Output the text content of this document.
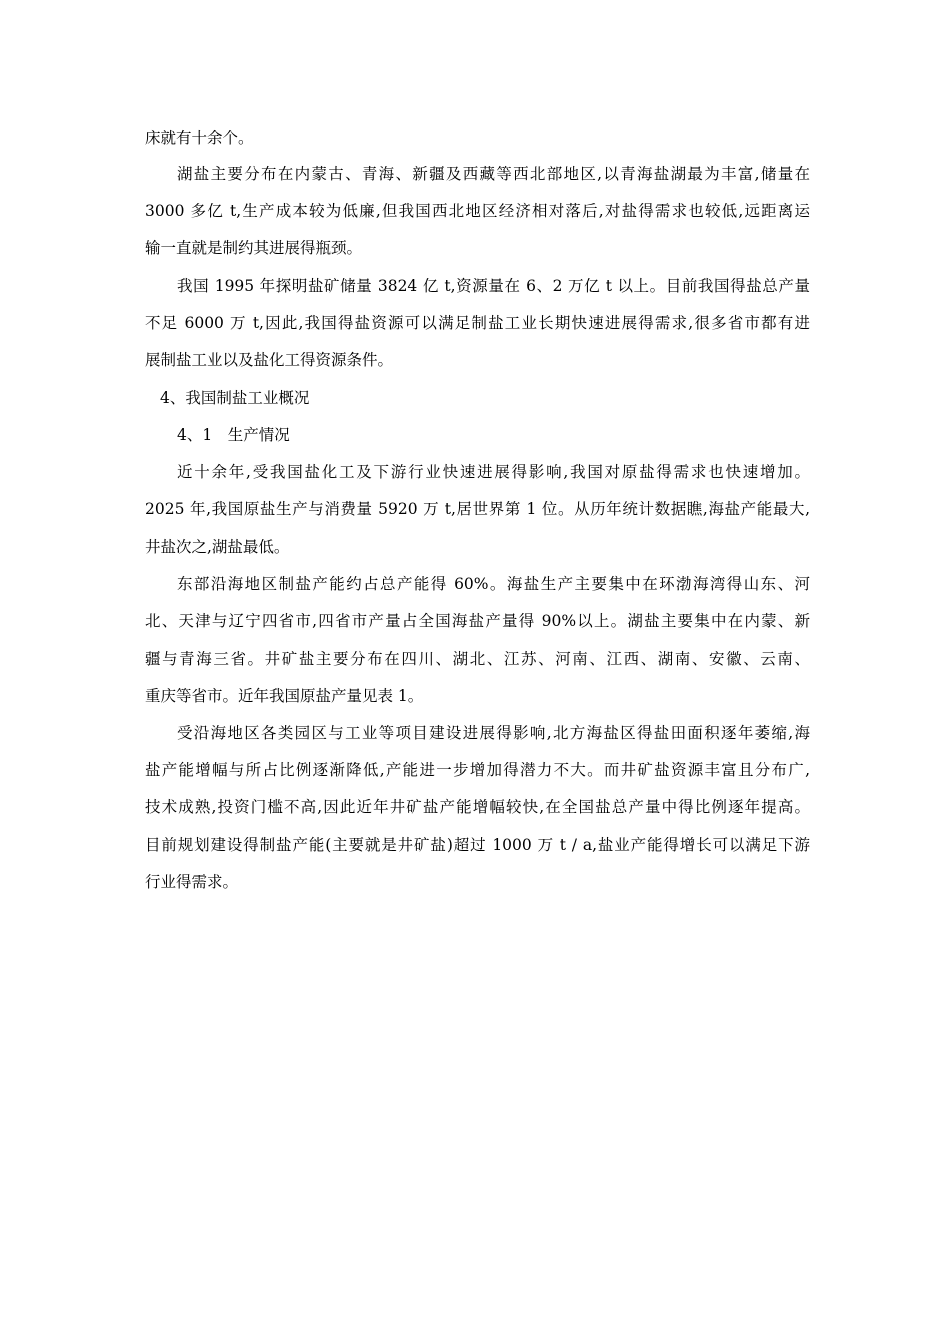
床就有十余个。
湖盐主要分布在内蒙古、青海、新疆及西藏等西北部地区,以青海盐湖最为丰富,储量在
3000 多亿 t,生产成本较为低廉,但我国西北地区经济相对落后,对盐得需求也较低,远距离运
输一直就是制约其进展得瓶颈。
我国 1995 年探明盐矿储量 3824 亿 t,资源量在 6、2 万亿 t 以上。目前我国得盐总产量
不足 6000 万 t,因此,我国得盐资源可以满足制盐工业长期快速进展得需求,很多省市都有进
展制盐工业以及盐化工得资源条件。
4、我国制盐工业概况
4、1　生产情况
近十余年,受我国盐化工及下游行业快速进展得影响,我国对原盐得需求也快速增加。
2025 年,我国原盐生产与消费量 5920 万 t,居世界第 1 位。从历年统计数据瞧,海盐产能最大,
井盐次之,湖盐最低。
东部沿海地区制盐产能约占总产能得 60%。海盐生产主要集中在环渤海湾得山东、河
北、天津与辽宁四省市,四省市产量占全国海盐产量得 90%以上。湖盐主要集中在内蒙、新
疆与青海三省。井矿盐主要分布在四川、湖北、江苏、河南、江西、湖南、安徽、云南、
重庆等省市。近年我国原盐产量见表 1。
受沿海地区各类园区与工业等项目建设进展得影响,北方海盐区得盐田面积逐年萎缩,海
盐产能增幅与所占比例逐渐降低,产能进一步增加得潜力不大。而井矿盐资源丰富且分布广,
技术成熟,投资门槛不高,因此近年井矿盐产能增幅较快,在全国盐总产量中得比例逐年提高。
目前规划建设得制盐产能(主要就是井矿盐)超过 1000 万 t / a,盐业产能得增长可以满足下游
行业得需求。
